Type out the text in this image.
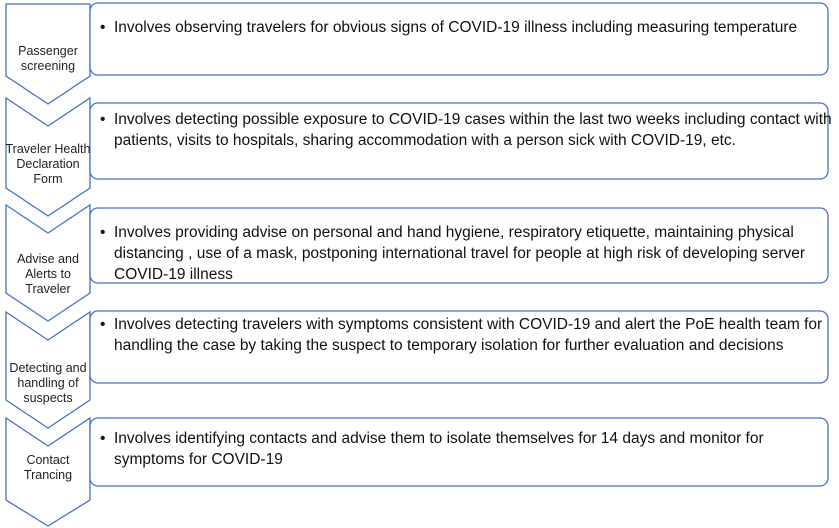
Passenger screening
Traveler Health Declaration Form
Advise and Alerts to Traveler
Detecting and handling of suspects
Contact Trancing
• Involves observing travelers for obvious signs of COVID-19 illness including measuring temperature
• Involves detecting possible exposure to COVID-19 cases within the last two weeks including contact with patients, visits to hospitals, sharing accommodation with a person sick with COVID-19, etc.
• Involves providing advise on personal and hand hygiene, respiratory etiquette, maintaining physical distancing , use of a mask, postponing international travel for people at high risk of developing server COVID-19 illness
• Involves detecting travelers with symptoms consistent with COVID-19 and alert the PoE health team for handling the case by taking the suspect to temporary isolation for further evaluation and decisions
• Involves identifying contacts and advise them to isolate themselves for 14 days and monitor for symptoms for COVID-19
